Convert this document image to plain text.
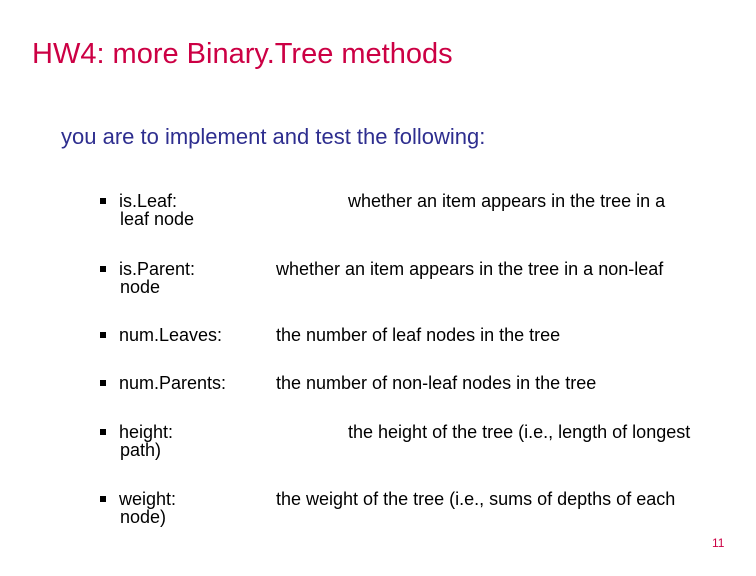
HW4: more Binary.Tree methods
you are to implement and test the following:
is.Leaf:	whether an item appears in the tree in a
leaf node
is.Parent:	whether an item appears in the tree in a non-leaf
node
num.Leaves:	the number of leaf nodes in the tree
num.Parents:	the number of non-leaf nodes in the tree
height:	the height of the tree (i.e., length of longest
path)
weight:	the weight of the tree (i.e., sums of depths of each
node)
11
